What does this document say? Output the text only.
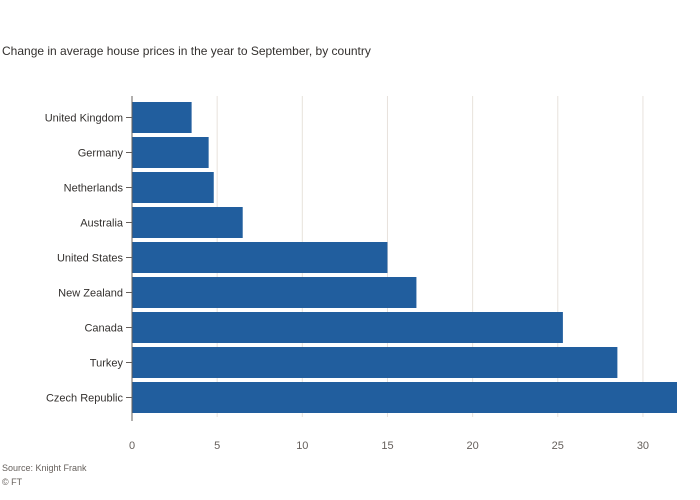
Change in average house prices in the year to September, by country
0	5	10	15	20	25	30
United Kingdom
Germany
Netherlands
Australia
United States
New Zealand
Canada
Turkey
Czech Republic
Source: Knight Frank
© FT
